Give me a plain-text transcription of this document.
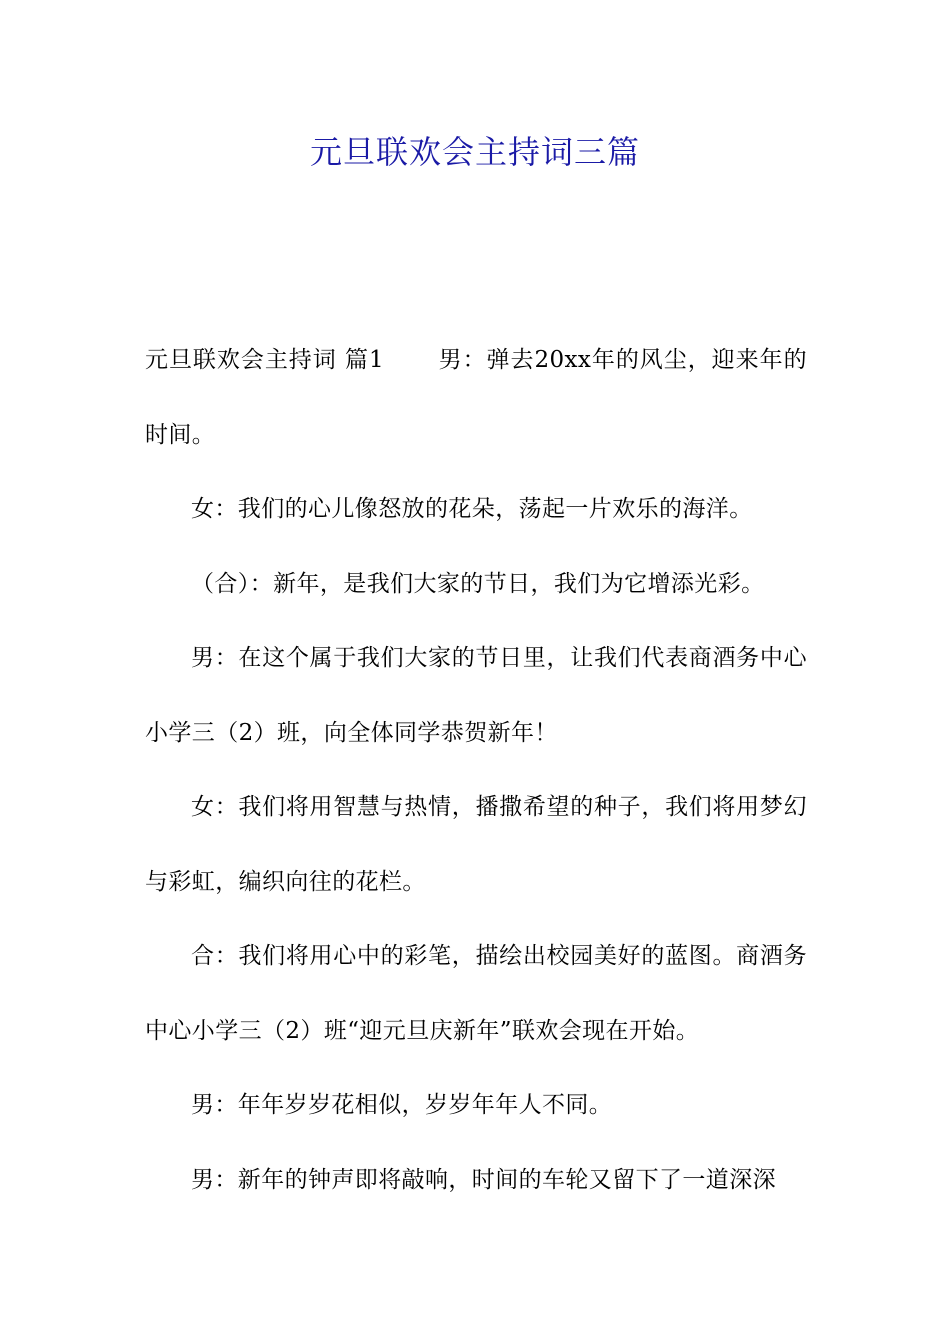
元旦联欢会主持词三篇

元旦联欢会主持词 篇1 男：弹去20xx年的风尘，迎来年的时间。

女：我们的心儿像怒放的花朵，荡起一片欢乐的海洋。

（合）：新年，是我们大家的节日，我们为它增添光彩。

男：在这个属于我们大家的节日里，让我们代表商酒务中心小学三（2）班，向全体同学恭贺新年！

女：我们将用智慧与热情，播撒希望的种子，我们将用梦幻与彩虹，编织向往的花栏。

合：我们将用心中的彩笔，描绘出校园美好的蓝图。商酒务中心小学三（2）班“迎元旦庆新年”联欢会现在开始。

男：年年岁岁花相似，岁岁年年人不同。

男：新年的钟声即将敲响，时间的车轮又留下了一道深深
